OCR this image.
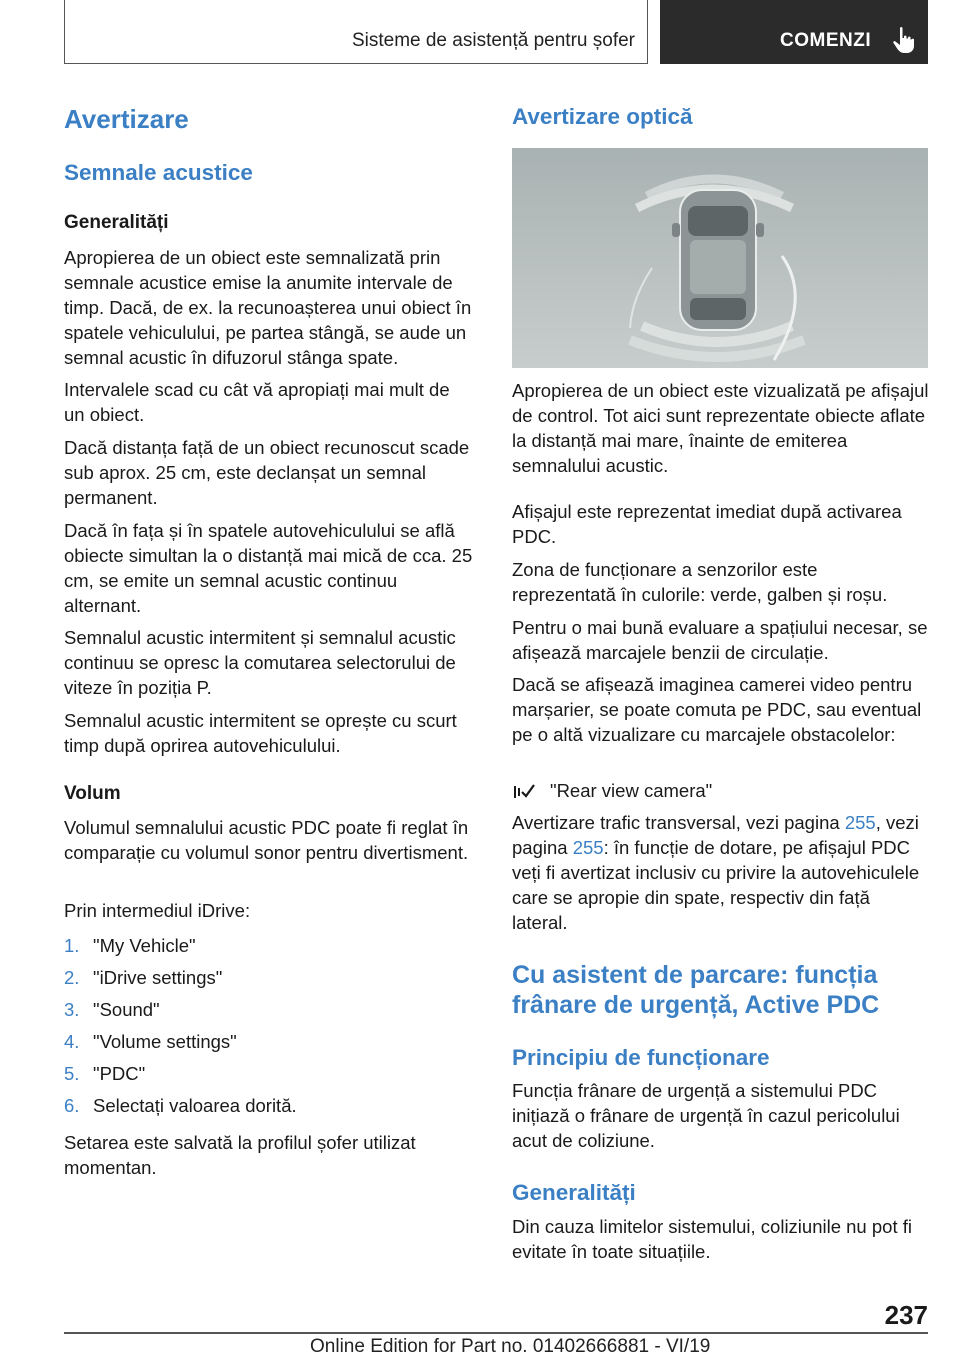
Sisteme de asistență pentru șofer	COMENZI
Avertizare
Semnale acustice
Generalități

Apropierea de un obiect este semnalizată prin semnale acustice emise la anumite intervale de timp. Dacă, de ex. la recunoașterea unui obiect în spatele vehiculului, pe partea stângă, se aude un semnal acustic în difuzorul stânga spate.

Intervalele scad cu cât vă apropiați mai mult de un obiect.

Dacă distanța față de un obiect recunoscut scade sub aprox. 25 cm, este declanșat un semnal permanent.

Dacă în fața și în spatele autovehiculului se află obiecte simultan la o distanță mai mică de cca. 25 cm, se emite un semnal acustic continuu alternant.

Semnalul acustic intermitent și semnalul acustic continuu se opresc la comutarea selectorului de viteze în poziția P.

Semnalul acustic intermitent se oprește cu scurt timp după oprirea autovehiculului.

Volum

Volumul semnalului acustic PDC poate fi reglat în comparație cu volumul sonor pentru divertisment.

Prin intermediul iDrive:

1. "My Vehicle"
2. "iDrive settings"
3. "Sound"
4. "Volume settings"
5. "PDC"
6. Selectați valoarea dorită.

Setarea este salvată la profilul șofer utilizat momentan.

Avertizare optică

Apropierea de un obiect este vizualizată pe afișajul de control. Tot aici sunt reprezentate obiecte aflate la distanță mai mare, înainte de emiterea semnalului acustic.

Afișajul este reprezentat imediat după activarea PDC.

Zona de funcționare a senzorilor este reprezentată în culorile: verde, galben și roșu.

Pentru o mai bună evaluare a spațiului necesar, se afișează marcajele benzii de circulație.

Dacă se afișează imaginea camerei video pentru marșarier, se poate comuta pe PDC, sau eventual pe o altă vizualizare cu marcajele obstacolelor:

"Rear view camera"

Avertizare trafic transversal, vezi pagina 255, vezi pagina 255: în funcție de dotare, pe afișajul PDC veți fi avertizat inclusiv cu privire la autovehiculele care se apropie din spate, respectiv din față lateral.

Cu asistent de parcare: funcția frânare de urgență, Active PDC
Principiu de funcționare

Funcția frânare de urgență a sistemului PDC inițiază o frânare de urgență în cazul pericolului acut de coliziune.

Generalități

Din cauza limitelor sistemului, coliziunile nu pot fi evitate în toate situațiile.

237
Online Edition for Part no. 01402666881 - VI/19
